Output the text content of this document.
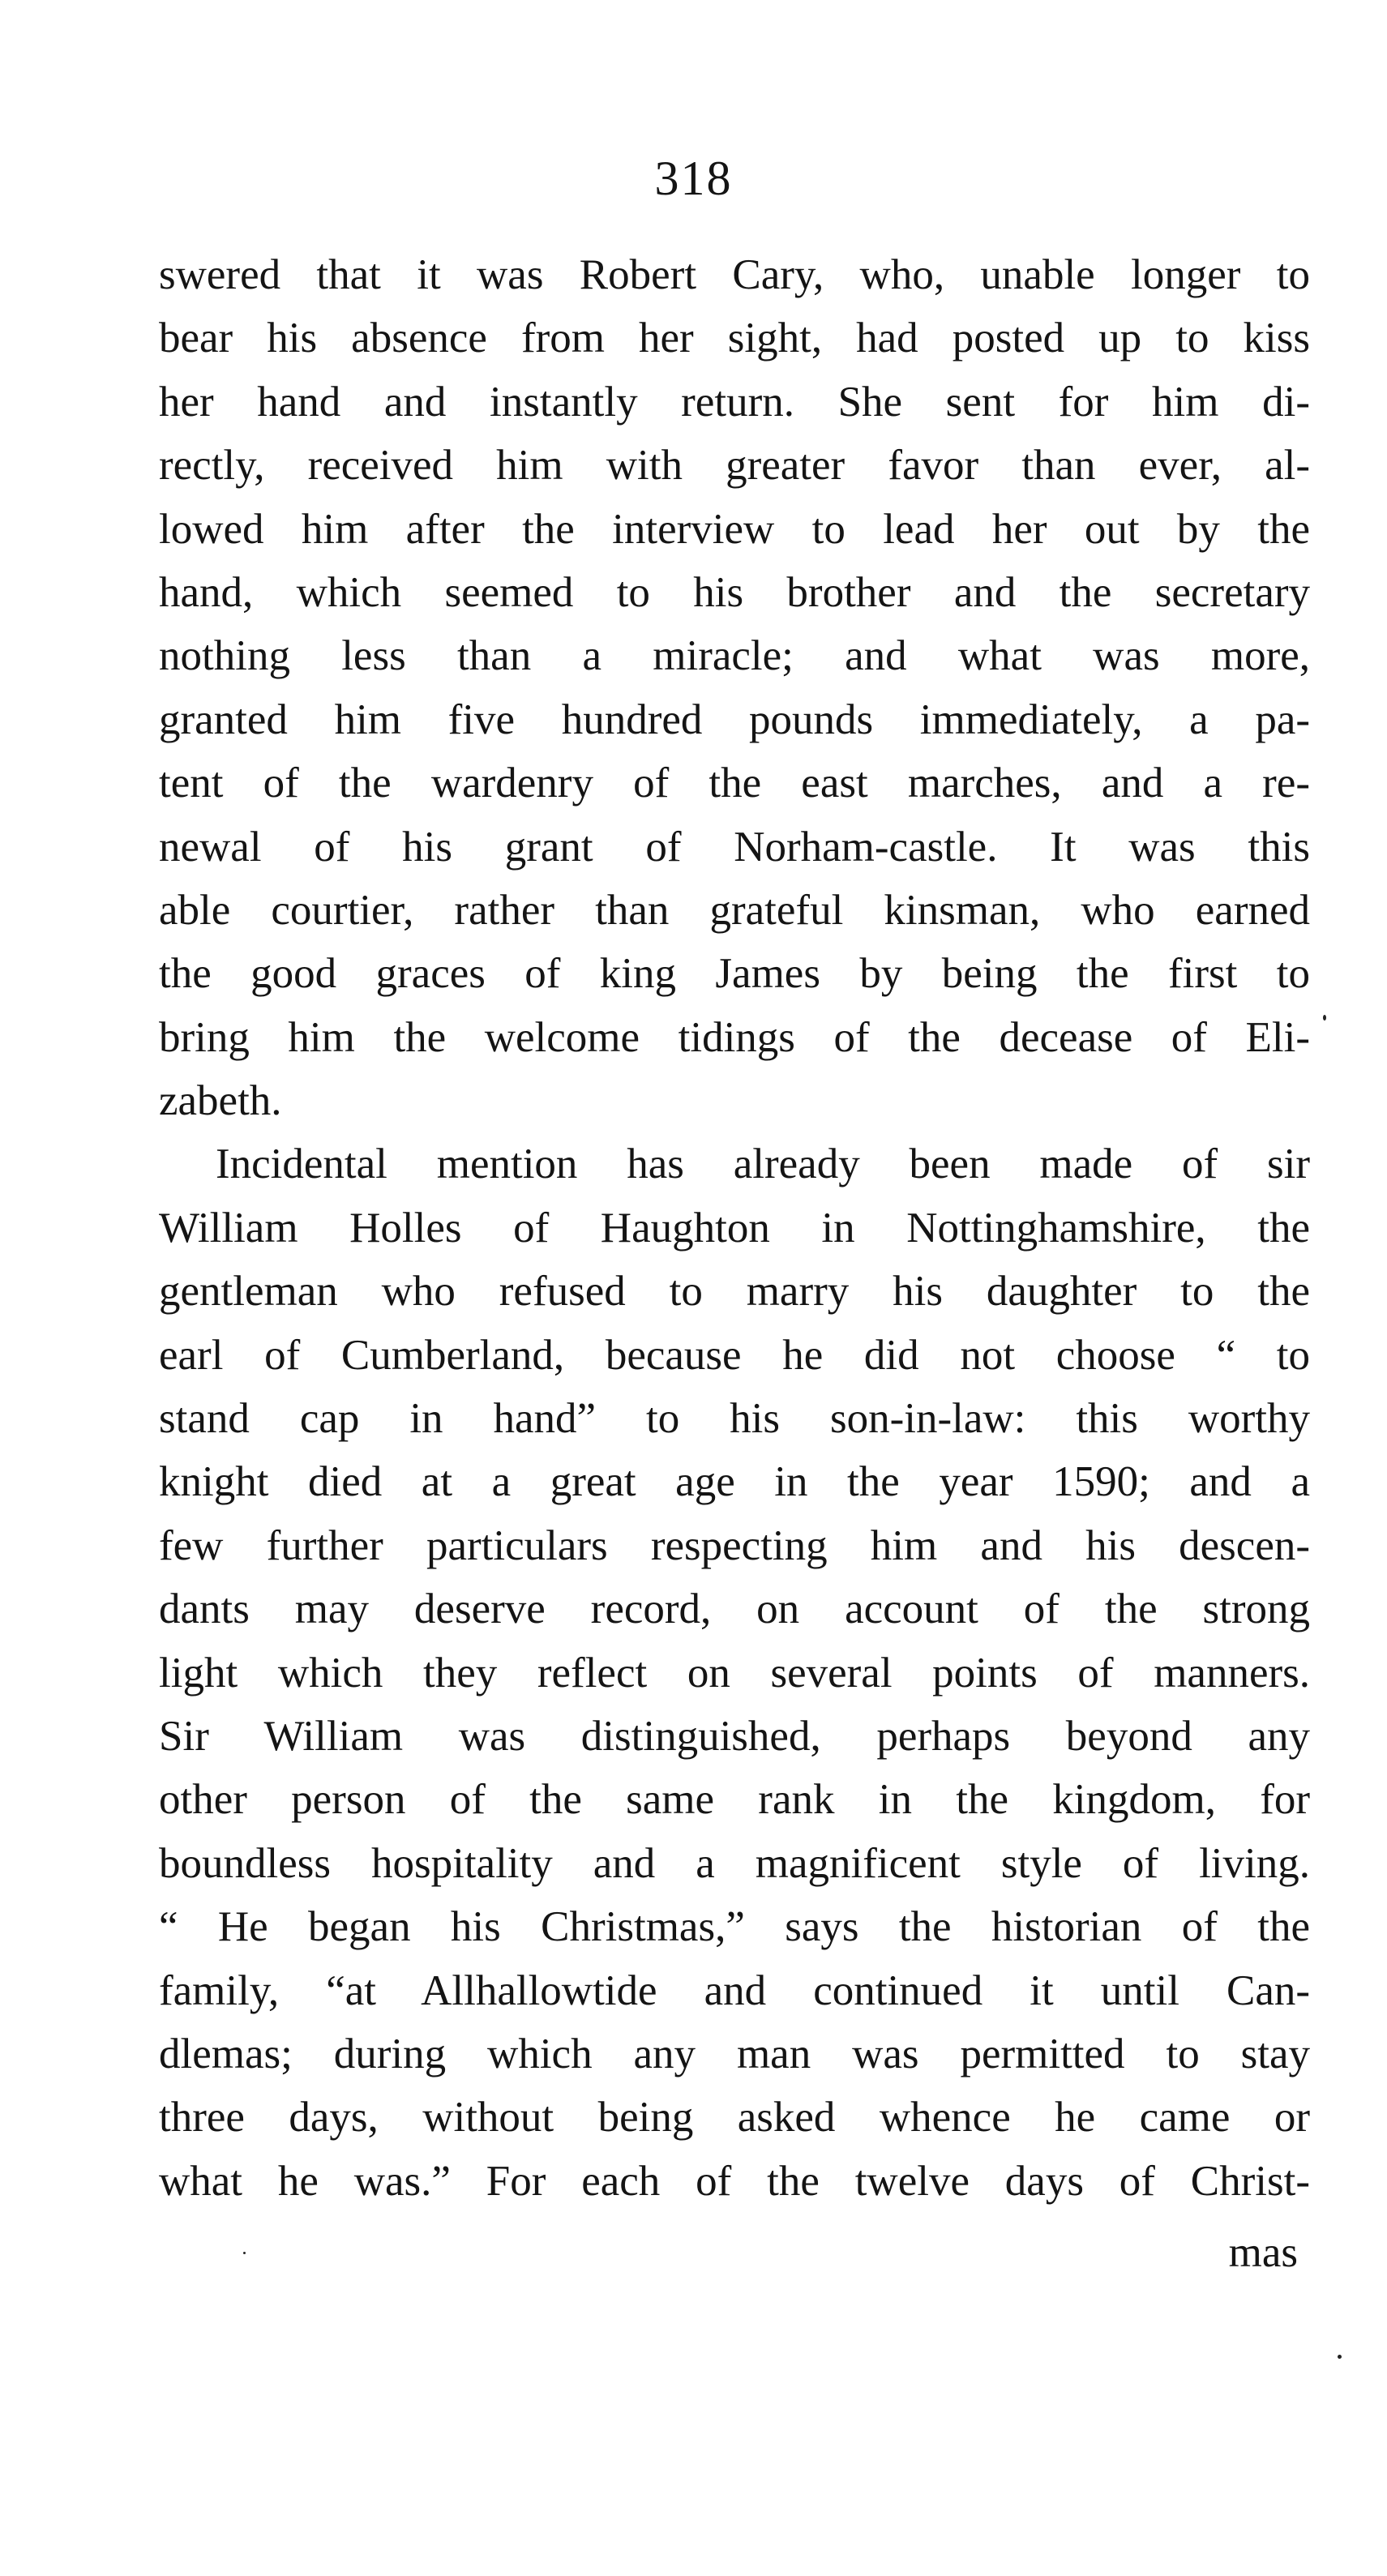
318
swered that it was Robert Cary, who, unable longer to
bear his absence from her sight, had posted up to kiss
her hand and instantly return. She sent for him di-
rectly, received him with greater favor than ever, al-
lowed him after the interview to lead her out by the
hand, which seemed to his brother and the secretary
nothing less than a miracle; and what was more,
granted him five hundred pounds immediately, a pa-
tent of the wardenry of the east marches, and a re-
newal of his grant of Norham-castle. It was this
able courtier, rather than grateful kinsman, who earned
the good graces of king James by being the first to
bring him the welcome tidings of the decease of Eli-
zabeth.
Incidental mention has already been made of sir
William Holles of Haughton in Nottinghamshire, the
gentleman who refused to marry his daughter to the
earl of Cumberland, because he did not choose “ to
stand cap in hand” to his son-in-law: this worthy
knight died at a great age in the year 1590; and a
few further particulars respecting him and his descen-
dants may deserve record, on account of the strong
light which they reflect on several points of manners.
Sir William was distinguished, perhaps beyond any
other person of the same rank in the kingdom, for
boundless hospitality and a magnificent style of living.
“ He began his Christmas,” says the historian of the
family, “at Allhallowtide and continued it until Can-
dlemas; during which any man was permitted to stay
three days, without being asked whence he came or
what he was.” For each of the twelve days of Christ-
mas
